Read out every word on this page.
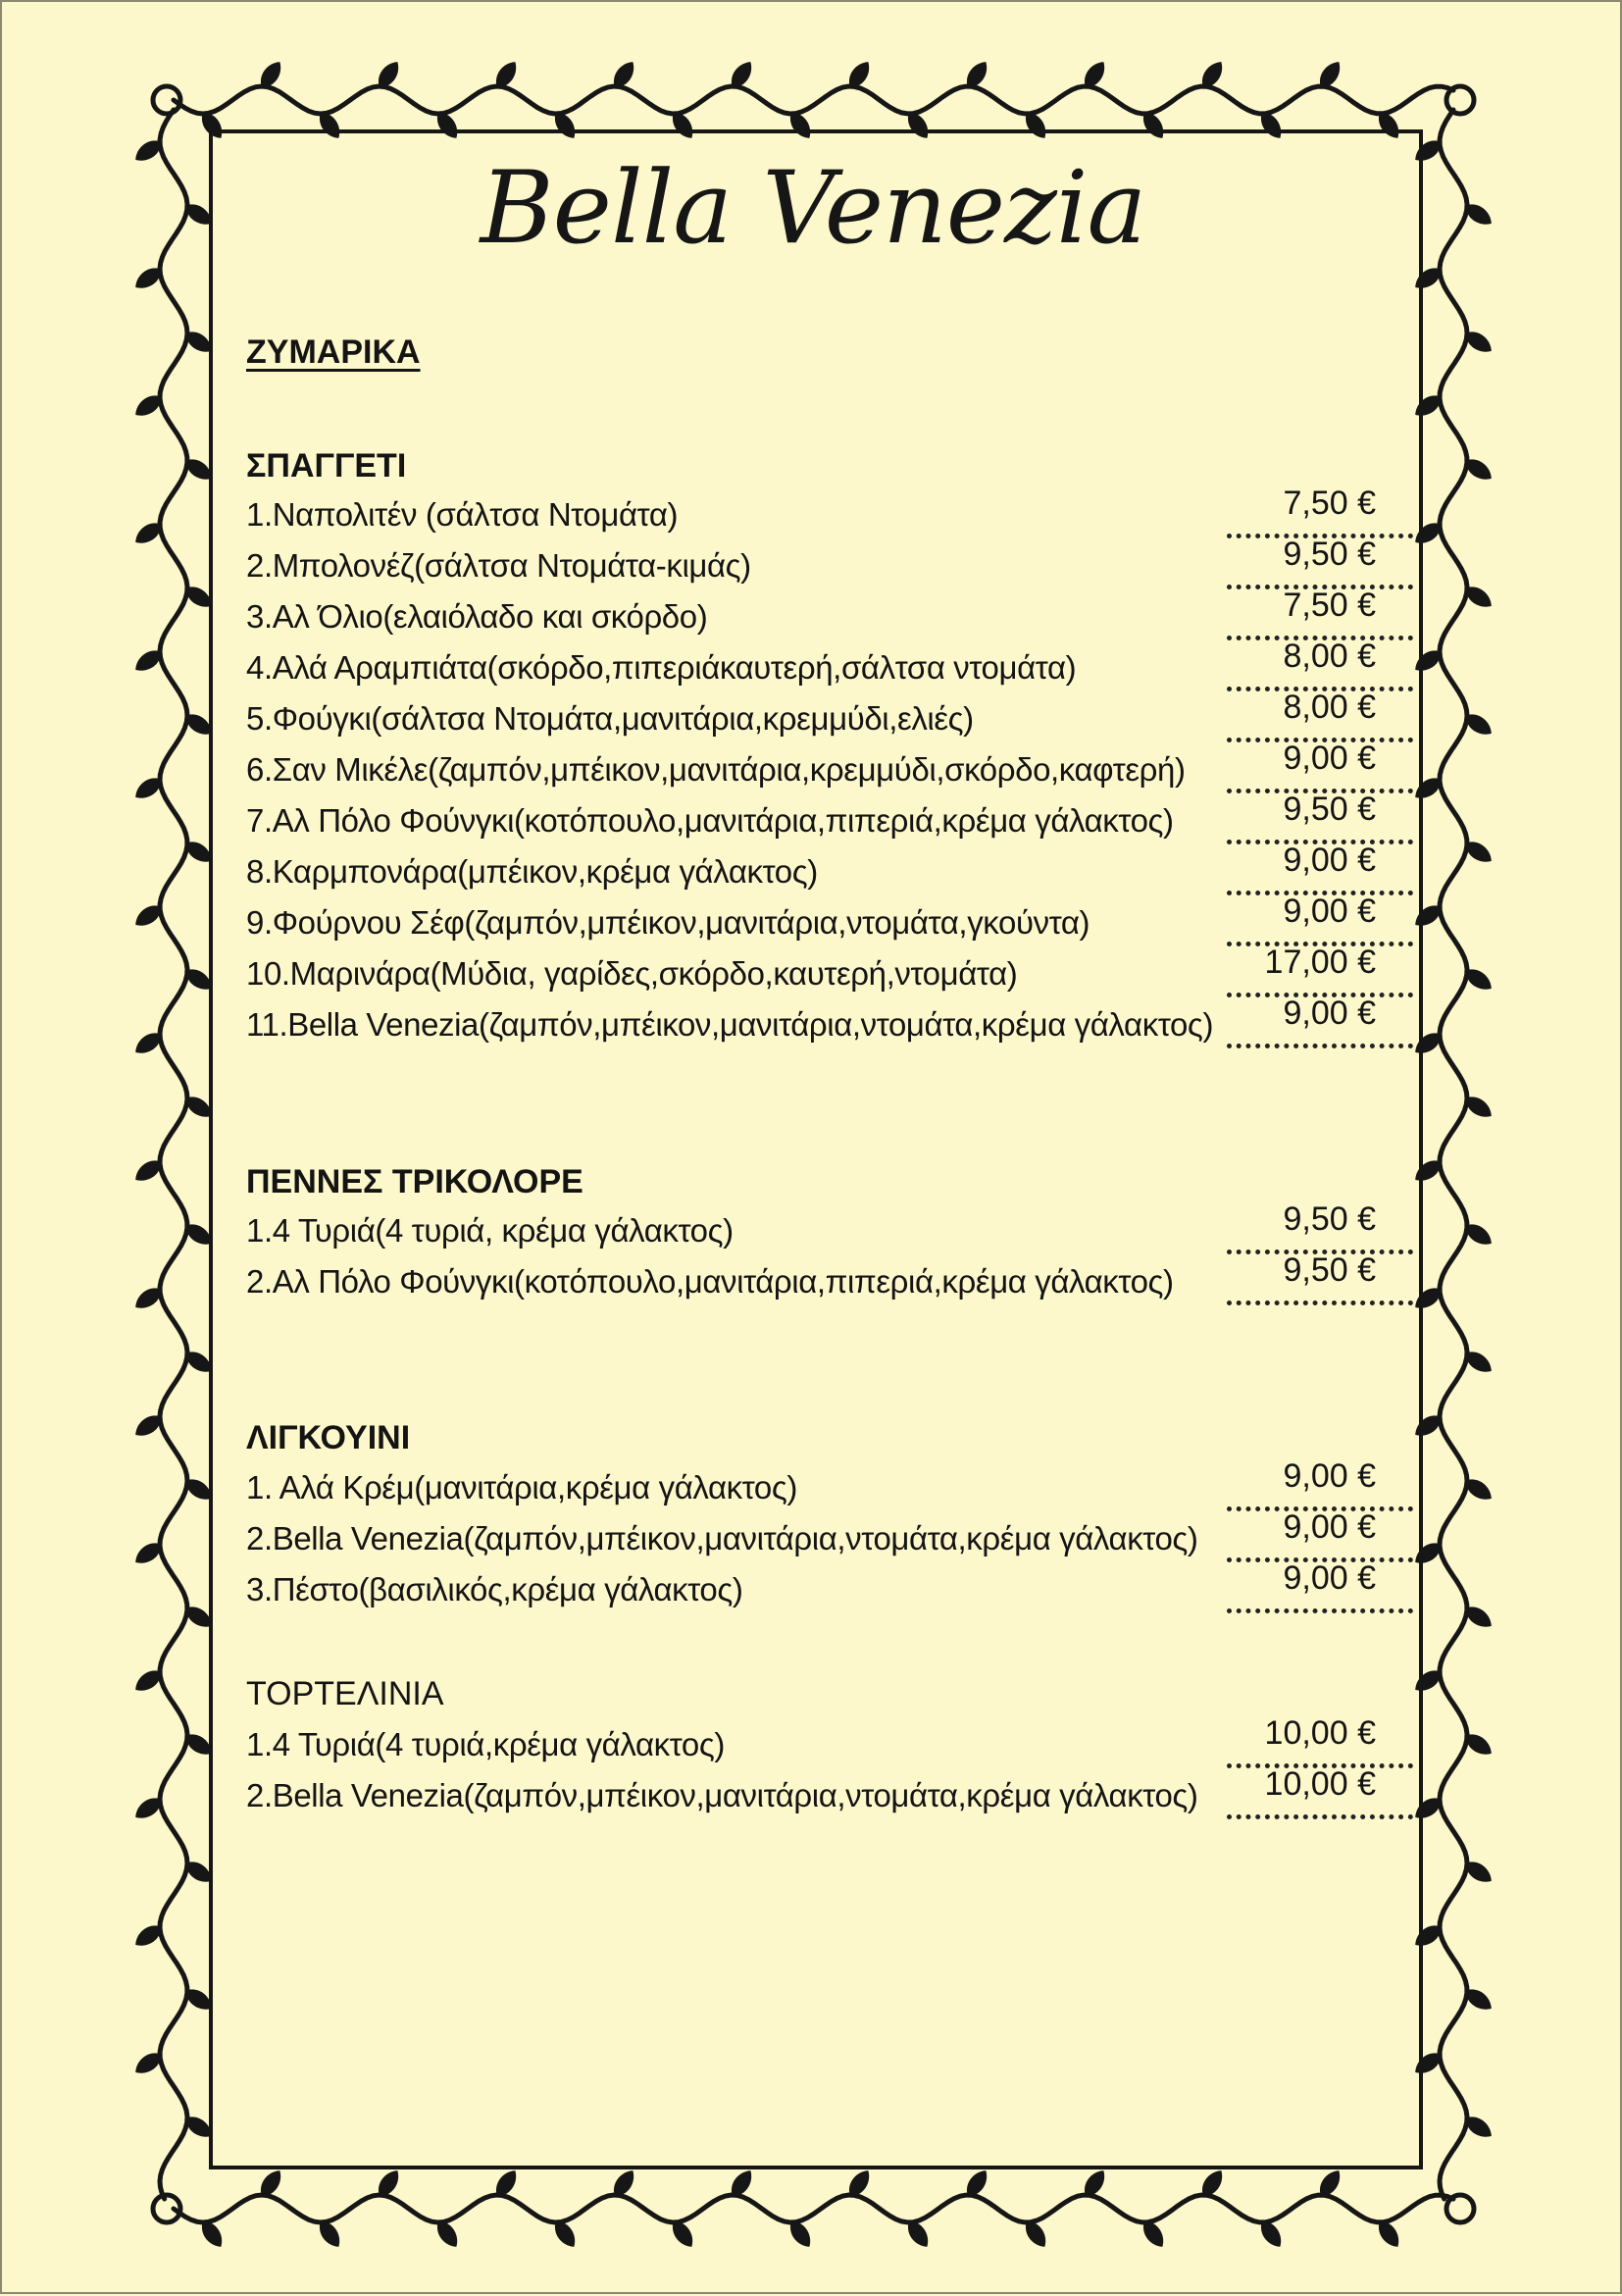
Bella Venezia
ΖΥΜΑΡΙΚΑ
ΣΠΑΓΓΕΤΙ
1.Ναπολιτέν (σάλτσα Ντομάτα)	7,50 €
2.Μπολονέζ(σάλτσα Ντομάτα-κιμάς)	9,50 €
3.Αλ Όλιο(ελαιόλαδο και σκόρδο)	7,50 €
4.Αλά Αραμπιάτα(σκόρδο,πιπεριάκαυτερή,σάλτσα ντομάτα)	8,00 €
5.Φούγκι(σάλτσα Ντομάτα,μανιτάρια,κρεμμύδι,ελιές)	8,00 €
6.Σαν Μικέλε(ζαμπόν,μπέικον,μανιτάρια,κρεμμύδι,σκόρδο,καφτερή)	9,00 €
7.Αλ Πόλο Φούνγκι(κοτόπουλο,μανιτάρια,πιπεριά,κρέμα γάλακτος)	9,50 €
8.Καρμπονάρα(μπέικον,κρέμα γάλακτος)	9,00 €
9.Φούρνου Σέφ(ζαμπόν,μπέικον,μανιτάρια,ντομάτα,γκούντα)	9,00 €
10.Μαρινάρα(Μύδια, γαρίδες,σκόρδο,καυτερή,ντομάτα)	17,00 €
11.Bella Venezia(ζαμπόν,μπέικον,μανιτάρια,ντομάτα,κρέμα γάλακτος) 9,00 €
ΠΕΝΝΕΣ ΤΡΙΚΟΛΟΡΕ
1.4 Τυριά(4 τυριά, κρέμα γάλακτος)	9,50 €
2.Αλ Πόλο Φούνγκι(κοτόπουλο,μανιτάρια,πιπεριά,κρέμα γάλακτος)	9,50 €
ΛΙΓΚΟΥΙΝΙ
1. Αλά Κρέμ(μανιτάρια,κρέμα γάλακτος)	9,00 €
2.Bella Venezia(ζαμπόν,μπέικον,μανιτάρια,ντομάτα,κρέμα γάλακτος)	9,00 €
3.Πέστο(βασιλικός,κρέμα γάλακτος)	9,00 €
ΤΟΡΤΕΛΙΝΙΑ
1.4 Τυριά(4 τυριά,κρέμα γάλακτος)	10,00 €
2.Bella Venezia(ζαμπόν,μπέικον,μανιτάρια,ντομάτα,κρέμα γάλακτος) 10,00 €
